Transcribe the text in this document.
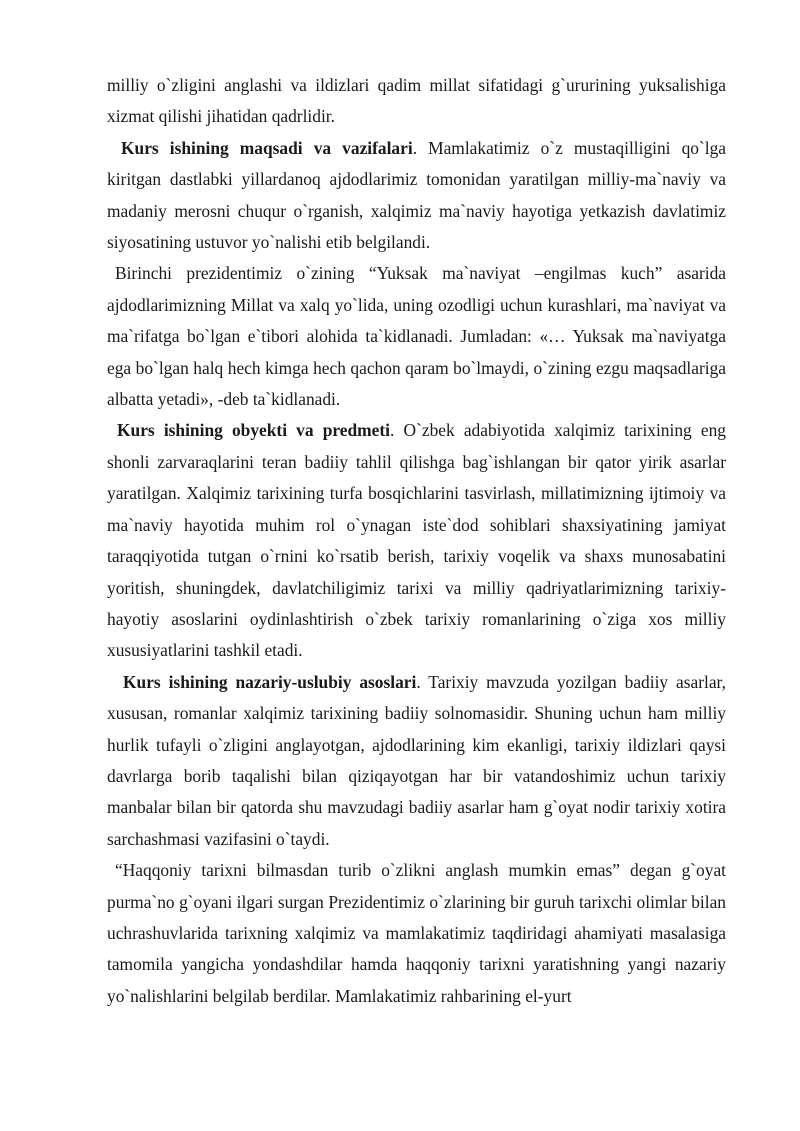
milliy o`zligini anglashi va ildizlari qadim millat sifatidagi g`ururining yuksalishiga xizmat qilishi jihatidan qadrlidir.

Kurs ishining maqsadi va vazifalari. Mamlakatimiz o`z mustaqilligini qo`lga kiritgan dastlabki yillardanoq ajdodlarimiz tomonidan yaratilgan milliy-ma`naviy va madaniy merosni chuqur o`rganish, xalqimiz ma`naviy hayotiga yetkazish davlatimiz siyosatining ustuvor yo`nalishi etib belgilandi.

Birinchi prezidentimiz o`zining “Yuksak ma`naviyat –engilmas kuch” asarida ajdodlarimizning Millat va xalq yo`lida, uning ozodligi uchun kurashlari, ma`naviyat va ma`rifatga bo`lgan e`tibori alohida ta`kidlanadi. Jumladan: «… Yuksak ma`naviyatga ega bo`lgan halq hech kimga hech qachon qaram bo`lmaydi, o`zining ezgu maqsadlariga albatta yetadi», -deb ta`kidlanadi.

Kurs ishining obyekti va predmeti. O`zbek adabiyotida xalqimiz tarixining eng shonli zarvaraqlarini teran badiiy tahlil qilishga bag`ishlangan bir qator yirik asarlar yaratilgan. Xalqimiz tarixining turfa bosqichlarini tasvirlash, millatimizning ijtimoiy va ma`naviy hayotida muhim rol o`ynagan iste`dod sohiblari shaxsiyatining jamiyat taraqqiyotida tutgan o`rnini ko`rsatib berish, tarixiy voqelik va shaxs munosabatini yoritish, shuningdek, davlatchiligimiz tarixi va milliy qadriyatlarimizning tarixiy- hayotiy asoslarini oydinlashtirish o`zbek tarixiy romanlarining o`ziga xos milliy xususiyatlarini tashkil etadi.

Kurs ishining nazariy-uslubiy asoslari. Tarixiy mavzuda yozilgan badiiy asarlar, xususan, romanlar xalqimiz tarixining badiiy solnomasidir. Shuning uchun ham milliy hurlik tufayli o`zligini anglayotgan, ajdodlarining kim ekanligi, tarixiy ildizlari qaysi davrlarga borib taqalishi bilan qiziqayotgan har bir vatandoshimiz uchun tarixiy manbalar bilan bir qatorda shu mavzudagi badiiy asarlar ham g`oyat nodir tarixiy xotira sarchashmasi vazifasini o`taydi.

“Haqqoniy tarixni bilmasdan turib o`zlikni anglash mumkin emas” degan g`oyat purma`no g`oyani ilgari surgan Prezidentimiz o`zlarining bir guruh tarixchi olimlar bilan uchrashuvlarida tarixning xalqimiz va mamlakatimiz taqdiridagi ahamiyati masalasiga tamomila yangicha yondashdilar hamda haqqoniy tarixni yaratishning yangi nazariy yo`nalishlarini belgilab berdilar. Mamlakatimiz rahbarining el-yurt
